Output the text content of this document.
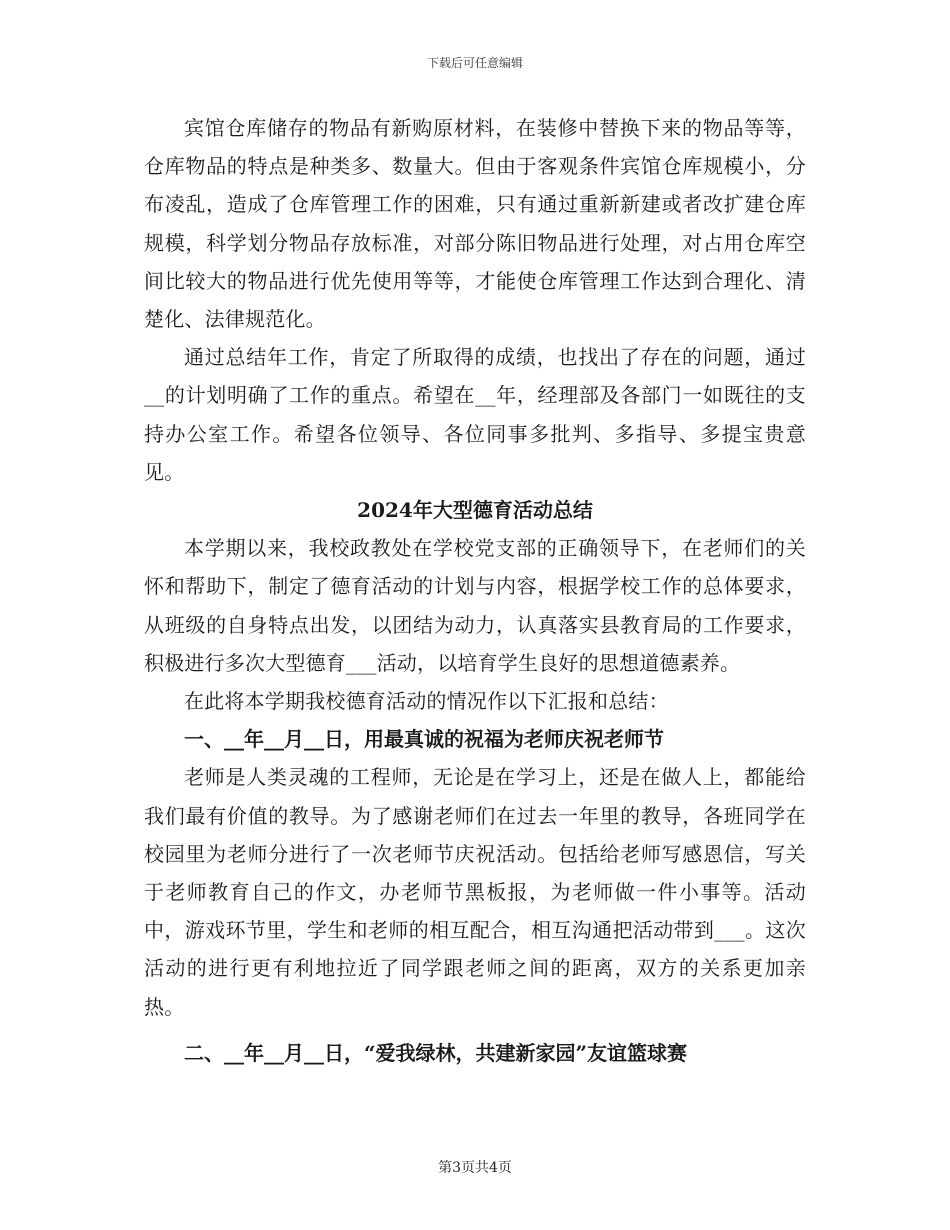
下载后可任意编辑

宾馆仓库储存的物品有新购原材料，在装修中替换下来的物品等等，仓库物品的特点是种类多、数量大。但由于客观条件宾馆仓库规模小，分布凌乱，造成了仓库管理工作的困难，只有通过重新新建或者改扩建仓库规模，科学划分物品存放标准，对部分陈旧物品进行处理，对占用仓库空间比较大的物品进行优先使用等等，才能使仓库管理工作达到合理化、清楚化、法律规范化。

通过总结年工作，肯定了所取得的成绩，也找出了存在的问题，通过__的计划明确了工作的重点。希望在__年，经理部及各部门一如既往的支持办公室工作。希望各位领导、各位同事多批判、多指导、多提宝贵意见。

2024年大型德育活动总结

本学期以来，我校政教处在学校党支部的正确领导下，在老师们的关怀和帮助下，制定了德育活动的计划与内容，根据学校工作的总体要求，从班级的自身特点出发，以团结为动力，认真落实县教育局的工作要求，积极进行多次大型德育___活动，以培育学生良好的思想道德素养。

在此将本学期我校德育活动的情况作以下汇报和总结：

一、__年__月__日，用最真诚的祝福为老师庆祝老师节

老师是人类灵魂的工程师，无论是在学习上，还是在做人上，都能给我们最有价值的教导。为了感谢老师们在过去一年里的教导，各班同学在校园里为老师分进行了一次老师节庆祝活动。包括给老师写感恩信，写关于老师教育自己的作文，办老师节黑板报，为老师做一件小事等。活动中，游戏环节里，学生和老师的相互配合，相互沟通把活动带到___。这次活动的进行更有利地拉近了同学跟老师之间的距离，双方的关系更加亲热。

二、__年__月__日，“爱我绿林，共建新家园”友谊篮球赛

第3页共4页
